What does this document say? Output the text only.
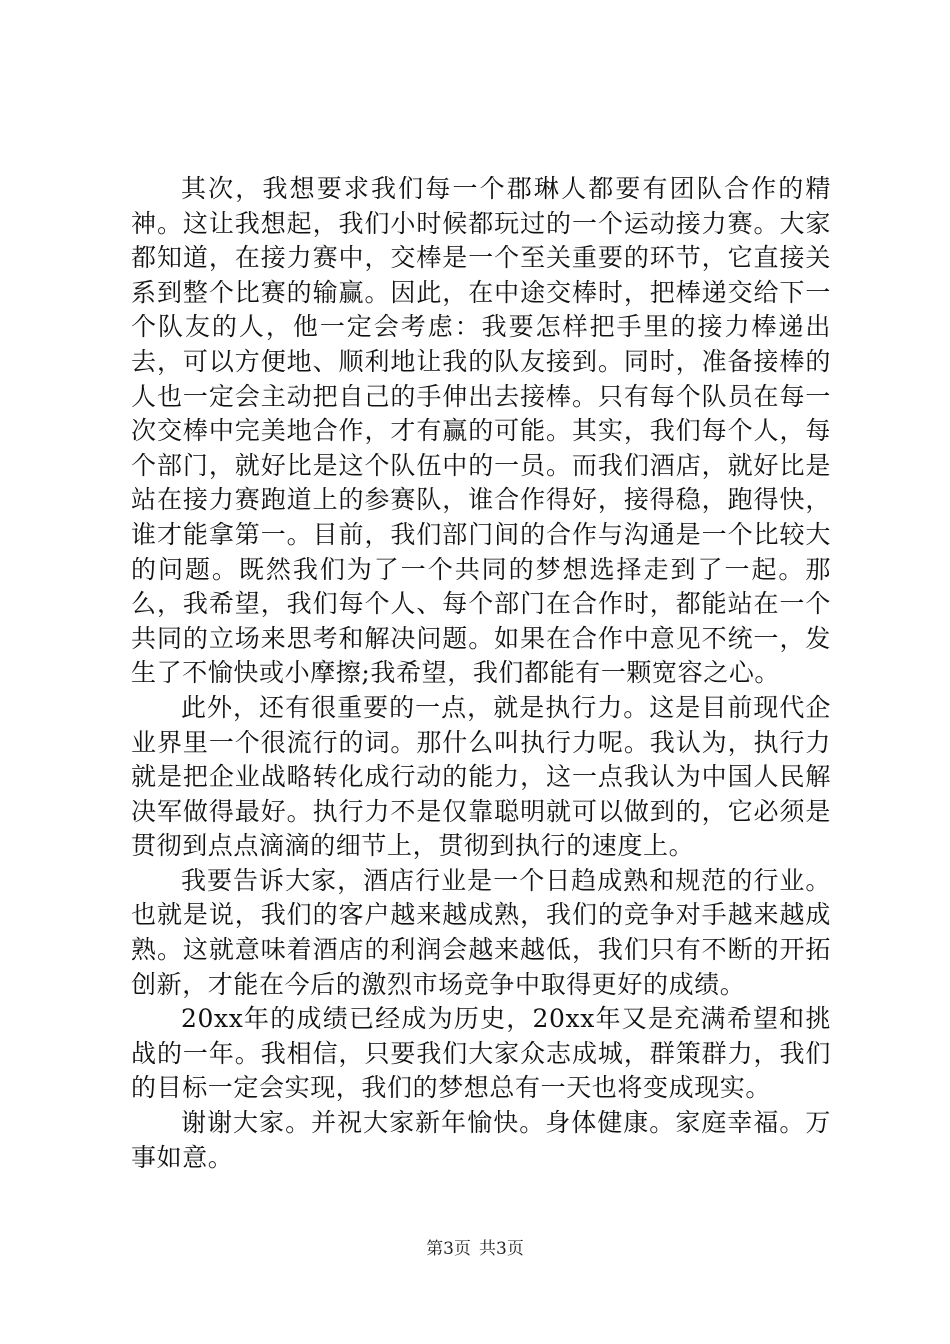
其次，我想要求我们每一个郡琳人都要有团队合作的精神。这让我想起，我们小时候都玩过的一个运动接力赛。大家都知道，在接力赛中，交棒是一个至关重要的环节，它直接关系到整个比赛的输赢。因此，在中途交棒时，把棒递交给下一个队友的人，他一定会考虑：我要怎样把手里的接力棒递出去，可以方便地、顺利地让我的队友接到。同时，准备接棒的人也一定会主动把自己的手伸出去接棒。只有每个队员在每一次交棒中完美地合作，才有赢的可能。其实，我们每个人，每个部门，就好比是这个队伍中的一员。而我们酒店，就好比是站在接力赛跑道上的参赛队，谁合作得好，接得稳，跑得快，谁才能拿第一。目前，我们部门间的合作与沟通是一个比较大的问题。既然我们为了一个共同的梦想选择走到了一起。那么，我希望，我们每个人、每个部门在合作时，都能站在一个共同的立场来思考和解决问题。如果在合作中意见不统一，发生了不愉快或小摩擦;我希望，我们都能有一颗宽容之心。

此外，还有很重要的一点，就是执行力。这是目前现代企业界里一个很流行的词。那什么叫执行力呢。我认为，执行力就是把企业战略转化成行动的能力，这一点我认为中国人民解决军做得最好。执行力不是仅靠聪明就可以做到的，它必须是贯彻到点点滴滴的细节上，贯彻到执行的速度上。

我要告诉大家，酒店行业是一个日趋成熟和规范的行业。也就是说，我们的客户越来越成熟，我们的竞争对手越来越成熟。这就意味着酒店的利润会越来越低，我们只有不断的开拓创新，才能在今后的激烈市场竞争中取得更好的成绩。

20xx年的成绩已经成为历史，20xx年又是充满希望和挑战的一年。我相信，只要我们大家众志成城，群策群力，我们的目标一定会实现，我们的梦想总有一天也将变成现实。

谢谢大家。并祝大家新年愉快。身体健康。家庭幸福。万事如意。

第3页 共3页
